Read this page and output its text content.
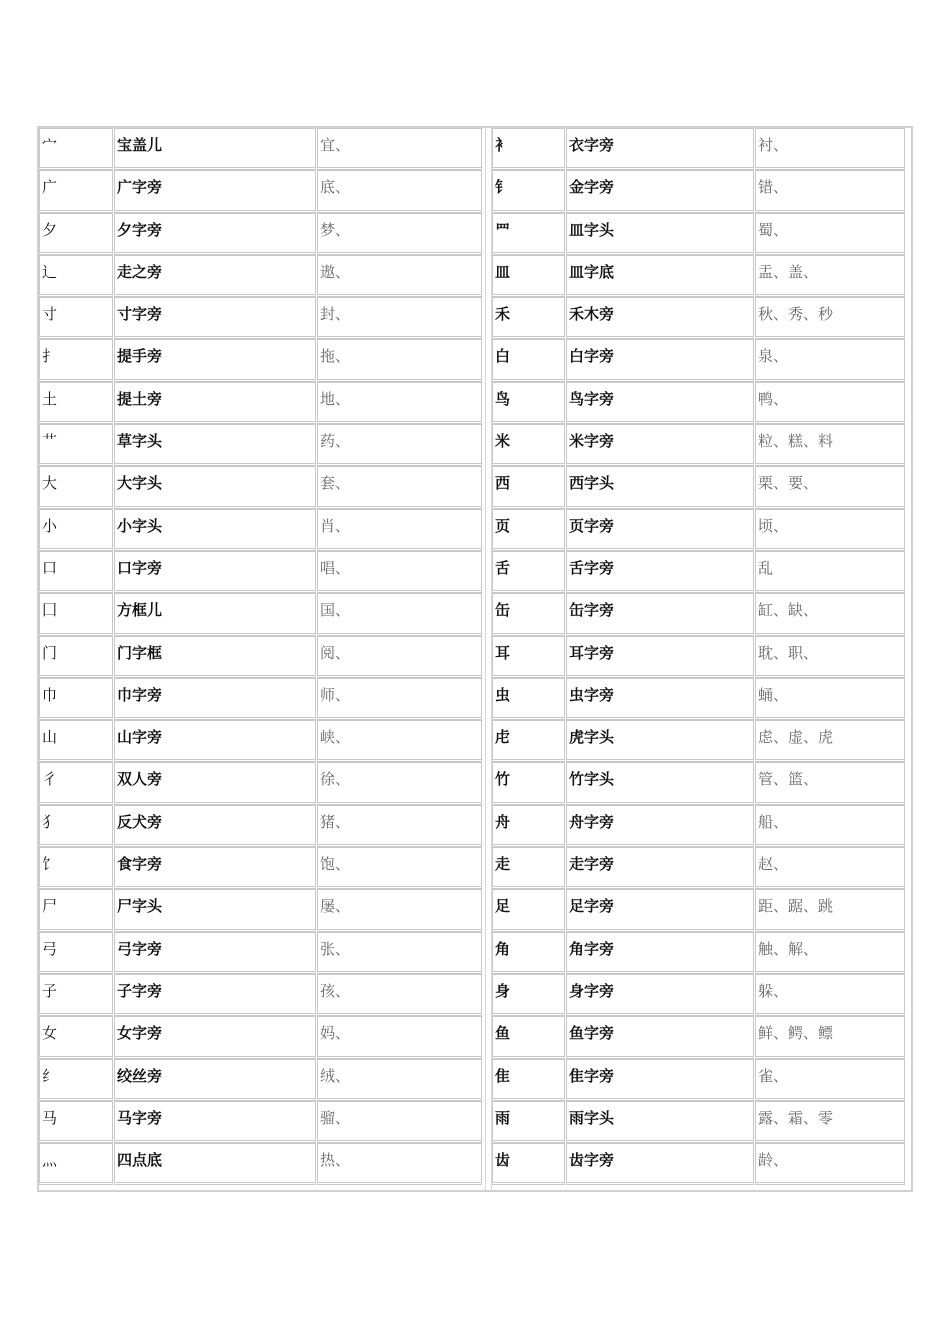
宀	宝盖儿	宜、
广	广字旁	底、
夕	夕字旁	梦、
辶	走之旁	遨、
寸	寸字旁	封、
扌	提手旁	拖、
土	提土旁	地、
艹	草字头	药、
大	大字头	套、
小	小字头	肖、
口	口字旁	唱、
囗	方框儿	国、
门	门字框	阅、
巾	巾字旁	师、
山	山字旁	峡、
彳	双人旁	徐、
犭	反犬旁	猪、
饣	食字旁	饱、
尸	尸字头	屡、
弓	弓字旁	张、
子	子字旁	孩、
女	女字旁	妈、
纟	绞丝旁	绒、
马	马字旁	骝、
灬	四点底	热、
衤	衣字旁	衬、
钅	金字旁	错、
罒	皿字头	蜀、
皿	皿字底	盂、盖、
禾	禾木旁	秋、秀、秒
白	白字旁	泉、
鸟	鸟字旁	鸭、
米	米字旁	粒、糕、料
西	西字头	栗、要、
页	页字旁	顷、
舌	舌字旁	乱
缶	缶字旁	缸、缺、
耳	耳字旁	耽、职、
虫	虫字旁	蛹、
虍	虎字头	虑、虚、虎
竹	竹字头	管、篮、
舟	舟字旁	船、
走	走字旁	赵、
足	足字旁	距、踞、跳
角	角字旁	触、解、
身	身字旁	躲、
鱼	鱼字旁	鲜、鳄、鳔
隹	隹字旁	雀、
雨	雨字头	露、霜、零
齿	齿字旁	龄、
